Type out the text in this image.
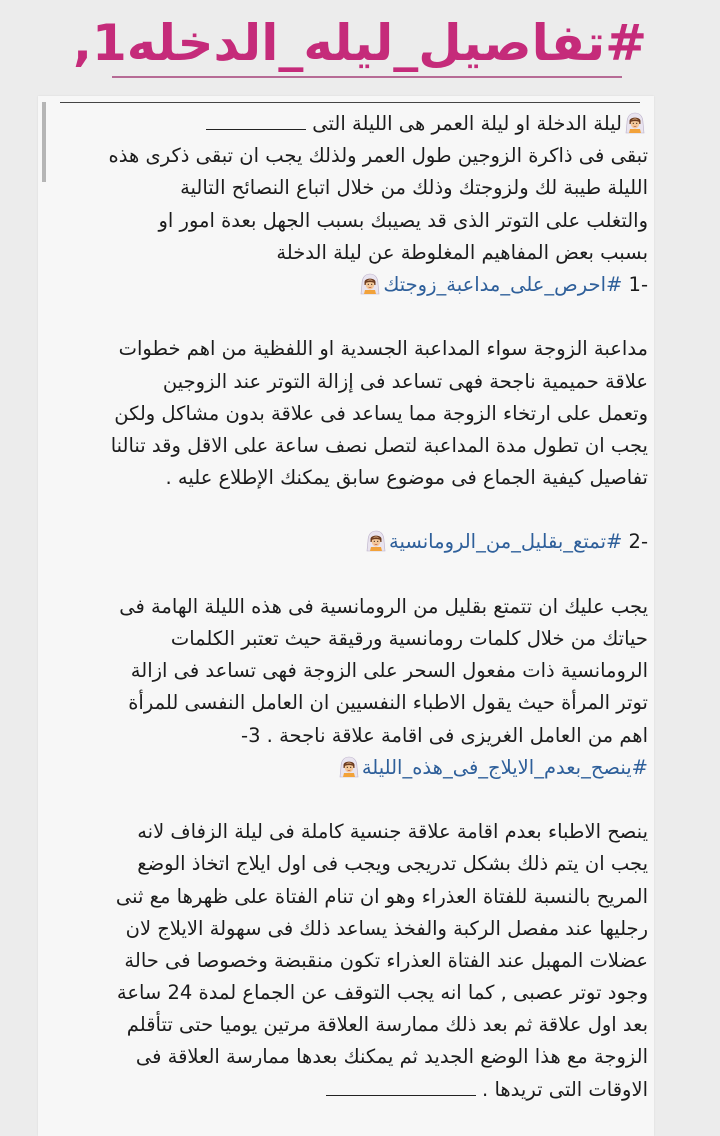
#تفاصيل_ليله_الدخله1,
ليلة الدخلة او ليلة العمر هى الليلة التى
تبقى فى ذاكرة الزوجين طول العمر ولذلك يجب ان تبقى ذكرى هذه
الليلة طيبة لك ولزوجتك وذلك من خلال اتباع النصائح التالية
والتغلب على التوتر الذى قد يصيبك بسبب الجهل بعدة امور او
بسبب بعض المفاهيم المغلوطة عن ليلة الدخلة
1- #احرص_على_مداعبة_زوجتك
مداعبة الزوجة سواء المداعبة الجسدية او اللفظية من اهم خطوات
علاقة حميمية ناجحة فهى تساعد فى إزالة التوتر عند الزوجين
وتعمل على ارتخاء الزوجة مما يساعد فى علاقة بدون مشاكل ولكن
يجب ان تطول مدة المداعبة لتصل نصف ساعة على الاقل وقد تنالنا
تفاصيل كيفية الجماع فى موضوع سابق يمكنك الإطلاع عليه .
2- #تمتع_بقليل_من_الرومانسية
يجب عليك ان تتمتع بقليل من الرومانسية فى هذه الليلة الهامة فى
حياتك من خلال كلمات رومانسية ورقيقة حيث تعتبر الكلمات
الرومانسية ذات مفعول السحر على الزوجة فهى تساعد فى ازالة
توتر المرأة حيث يقول الاطباء النفسيين ان العامل النفسى للمرأة
اهم من العامل الغريزى فى اقامة علاقة ناجحة . 3-
#ينصح_بعدم_الايلاج_فى_هذه_الليلة
ينصح الاطباء بعدم اقامة علاقة جنسية كاملة فى ليلة الزفاف لانه
يجب ان يتم ذلك بشكل تدريجى ويجب فى اول ايلاج اتخاذ الوضع
المريح بالنسبة للفتاة العذراء وهو ان تنام الفتاة على ظهرها مع ثنى
رجليها عند مفصل الركبة والفخذ يساعد ذلك فى سهولة الايلاج لان
عضلات المهبل عند الفتاة العذراء تكون منقبضة وخصوصا فى حالة
وجود توتر عصبى , كما انه يجب التوقف عن الجماع لمدة 24 ساعة
بعد اول علاقة ثم بعد ذلك ممارسة العلاقة مرتين يوميا حتى تتأقلم
الزوجة مع هذا الوضع الجديد ثم يمكنك بعدها ممارسة العلاقة فى
الاوقات التى تريدها .
